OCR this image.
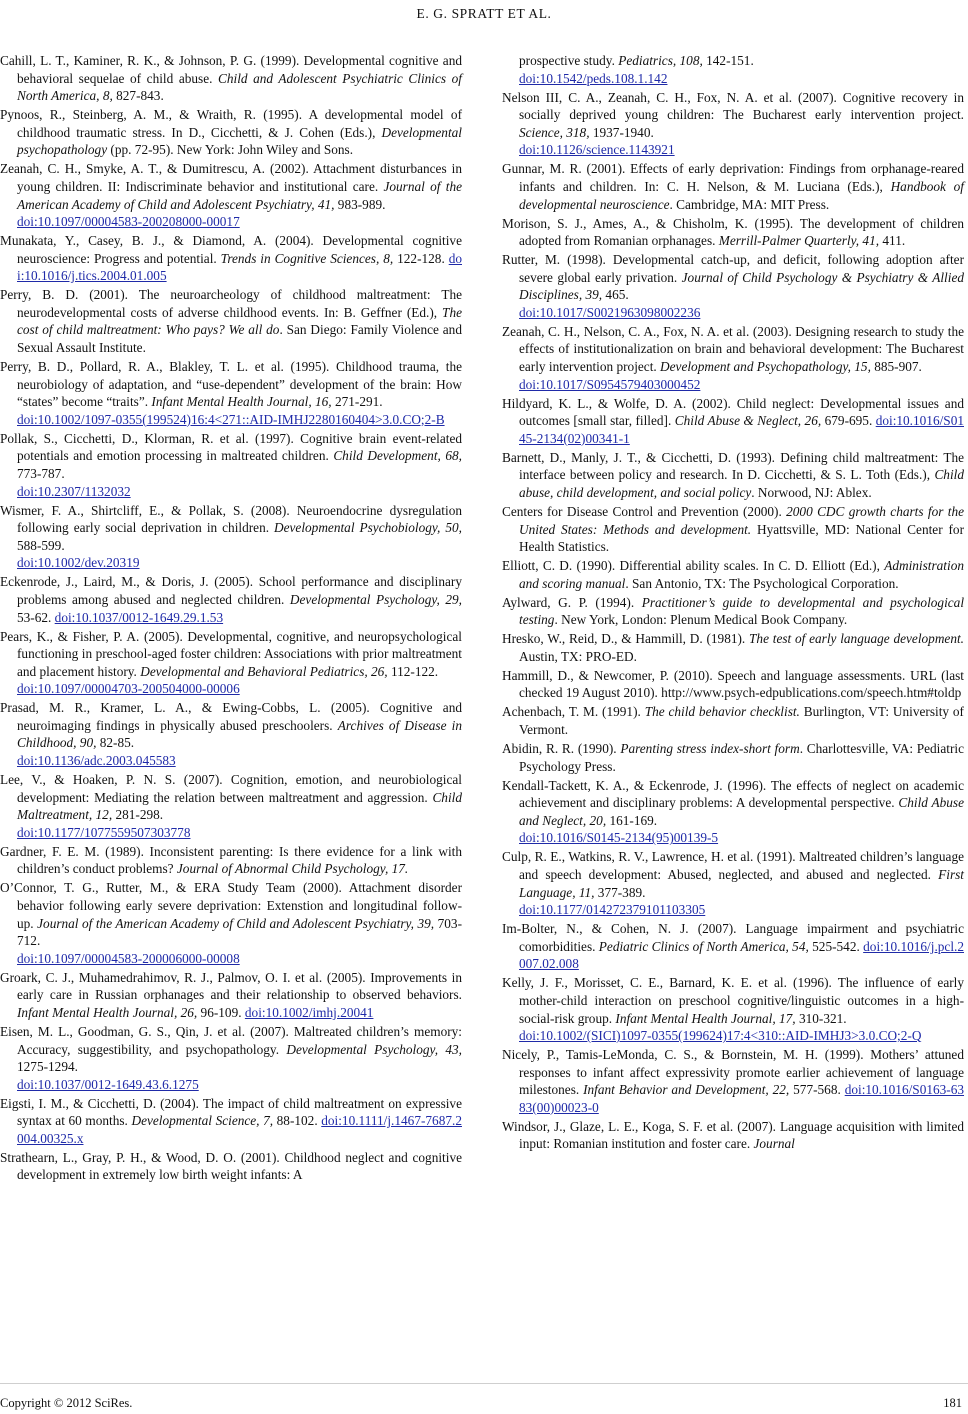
E. G. SPRATT ET AL.

Cahill, L. T., Kaminer, R. K., & Johnson, P. G. (1999). Developmental cognitive and behavioral sequelae of child abuse. Child and Adolescent Psychiatric Clinics of North America, 8, 827-843.

Pynoos, R., Steinberg, A. M., & Wraith, R. (1995). A developmental model of childhood traumatic stress. In D., Cicchetti, & J. Cohen (Eds.), Developmental psychopathology (pp. 72-95). New York: John Wiley and Sons.

Zeanah, C. H., Smyke, A. T., & Dumitrescu, A. (2002). Attachment disturbances in young children. II: Indiscriminate behavior and institutional care. Journal of the American Academy of Child and Adolescent Psychiatry, 41, 983-989.
doi:10.1097/00004583-200208000-00017

Munakata, Y., Casey, B. J., & Diamond, A. (2004). Developmental cognitive neuroscience: Progress and potential. Trends in Cognitive Sciences, 8, 122-128. doi:10.1016/j.tics.2004.01.005

Perry, B. D. (2001). The neuroarcheology of childhood maltreatment: The neurodevelopmental costs of adverse childhood events. In: B. Geffner (Ed.), The cost of child maltreatment: Who pays? We all do. San Diego: Family Violence and Sexual Assault Institute.

Perry, B. D., Pollard, R. A., Blakley, T. L. et al. (1995). Childhood trauma, the neurobiology of adaptation, and “use-dependent” development of the brain: How “states” become “traits”. Infant Mental Health Journal, 16, 271-291.
doi:10.1002/1097-0355(199524)16:4<271::AID-IMHJ2280160404>3.0.CO;2-B

Pollak, S., Cicchetti, D., Klorman, R. et al. (1997). Cognitive brain event-related potentials and emotion processing in maltreated children. Child Development, 68, 773-787.
doi:10.2307/1132032

Wismer, F. A., Shirtcliff, E., & Pollak, S. (2008). Neuroendocrine dysregulation following early social deprivation in children. Developmental Psychobiology, 50, 588-599.
doi:10.1002/dev.20319

Eckenrode, J., Laird, M., & Doris, J. (2005). School performance and disciplinary problems among abused and neglected children. Developmental Psychology, 29, 53-62. doi:10.1037/0012-1649.29.1.53

Pears, K., & Fisher, P. A. (2005). Developmental, cognitive, and neuropsychological functioning in preschool-aged foster children: Associations with prior maltreatment and placement history. Developmental and Behavioral Pediatrics, 26, 112-122.
doi:10.1097/00004703-200504000-00006

Prasad, M. R., Kramer, L. A., & Ewing-Cobbs, L. (2005). Cognitive and neuroimaging findings in physically abused preschoolers. Archives of Disease in Childhood, 90, 82-85.
doi:10.1136/adc.2003.045583

Lee, V., & Hoaken, P. N. S. (2007). Cognition, emotion, and neurobiological development: Mediating the relation between maltreatment and aggression. Child Maltreatment, 12, 281-298.
doi:10.1177/1077559507303778

Gardner, F. E. M. (1989). Inconsistent parenting: Is there evidence for a link with children’s conduct problems? Journal of Abnormal Child Psychology, 17.

O’Connor, T. G., Rutter, M., & ERA Study Team (2000). Attachment disorder behavior following early severe deprivation: Extenstion and longitudinal follow-up. Journal of the American Academy of Child and Adolescent Psychiatry, 39, 703-712.
doi:10.1097/00004583-200006000-00008

Groark, C. J., Muhamedrahimov, R. J., Palmov, O. I. et al. (2005). Improvements in early care in Russian orphanages and their relationship to observed behaviors. Infant Mental Health Journal, 26, 96-109. doi:10.1002/imhj.20041

Eisen, M. L., Goodman, G. S., Qin, J. et al. (2007). Maltreated children’s memory: Accuracy, suggestibility, and psychopathology. Developmental Psychology, 43, 1275-1294.
doi:10.1037/0012-1649.43.6.1275

Eigsti, I. M., & Cicchetti, D. (2004). The impact of child maltreatment on expressive syntax at 60 months. Developmental Science, 7, 88-102. doi:10.1111/j.1467-7687.2004.00325.x

Strathearn, L., Gray, P. H., & Wood, D. O. (2001). Childhood neglect and cognitive development in extremely low birth weight infants: A

prospective study. Pediatrics, 108, 142-151.
doi:10.1542/peds.108.1.142

Nelson III, C. A., Zeanah, C. H., Fox, N. A. et al. (2007). Cognitive recovery in socially deprived young children: The Bucharest early intervention project. Science, 318, 1937-1940.
doi:10.1126/science.1143921

Gunnar, M. R. (2001). Effects of early deprivation: Findings from orphanage-reared infants and children. In: C. H. Nelson, & M. Luciana (Eds.), Handbook of developmental neuroscience. Cambridge, MA: MIT Press.

Morison, S. J., Ames, A., & Chisholm, K. (1995). The development of children adopted from Romanian orphanages. Merrill-Palmer Quarterly, 41, 411.

Rutter, M. (1998). Developmental catch-up, and deficit, following adoption after severe global early privation. Journal of Child Psychology & Psychiatry & Allied Disciplines, 39, 465.
doi:10.1017/S0021963098002236

Zeanah, C. H., Nelson, C. A., Fox, N. A. et al. (2003). Designing research to study the effects of institutionalization on brain and behavioral development: The Bucharest early intervention project. Development and Psychopathology, 15, 885-907.
doi:10.1017/S0954579403000452

Hildyard, K. L., & Wolfe, D. A. (2002). Child neglect: Developmental issues and outcomes [small star, filled]. Child Abuse & Neglect, 26, 679-695. doi:10.1016/S0145-2134(02)00341-1

Barnett, D., Manly, J. T., & Cicchetti, D. (1993). Defining child maltreatment: The interface between policy and research. In D. Cicchetti, & S. L. Toth (Eds.), Child abuse, child development, and social policy. Norwood, NJ: Ablex.

Centers for Disease Control and Prevention (2000). 2000 CDC growth charts for the United States: Methods and development. Hyattsville, MD: National Center for Health Statistics.

Elliott, C. D. (1990). Differential ability scales. In C. D. Elliott (Ed.), Administration and scoring manual. San Antonio, TX: The Psychological Corporation.

Aylward, G. P. (1994). Practitioner’s guide to developmental and psychological testing. New York, London: Plenum Medical Book Company.

Hresko, W., Reid, D., & Hammill, D. (1981). The test of early language development. Austin, TX: PRO-ED.

Hammill, D., & Newcomer, P. (2010). Speech and language assessments. URL (last checked 19 August 2010). http://www.psych-edpublications.com/speech.htm#toldp

Achenbach, T. M. (1991). The child behavior checklist. Burlington, VT: University of Vermont.

Abidin, R. R. (1990). Parenting stress index-short form. Charlottesville, VA: Pediatric Psychology Press.

Kendall-Tackett, K. A., & Eckenrode, J. (1996). The effects of neglect on academic achievement and disciplinary problems: A developmental perspective. Child Abuse and Neglect, 20, 161-169.
doi:10.1016/S0145-2134(95)00139-5

Culp, R. E., Watkins, R. V., Lawrence, H. et al. (1991). Maltreated children’s language and speech development: Abused, neglected, and abused and neglected. First Language, 11, 377-389.
doi:10.1177/014272379101103305

Im-Bolter, N., & Cohen, N. J. (2007). Language impairment and psychiatric comorbidities. Pediatric Clinics of North America, 54, 525-542. doi:10.1016/j.pcl.2007.02.008

Kelly, J. F., Morisset, C. E., Barnard, K. E. et al. (1996). The influence of early mother-child interaction on preschool cognitive/linguistic outcomes in a high-social-risk group. Infant Mental Health Journal, 17, 310-321.
doi:10.1002/(SICI)1097-0355(199624)17:4<310::AID-IMHJ3>3.0.CO;2-Q

Nicely, P., Tamis-LeMonda, C. S., & Bornstein, M. H. (1999). Mothers’ attuned responses to infant affect expressivity promote earlier achievement of language milestones. Infant Behavior and Development, 22, 577-568. doi:10.1016/S0163-6383(00)00023-0

Windsor, J., Glaze, L. E., Koga, S. F. et al. (2007). Language acquisition with limited input: Romanian institution and foster care. Journal

Copyright © 2012 SciRes.	181
